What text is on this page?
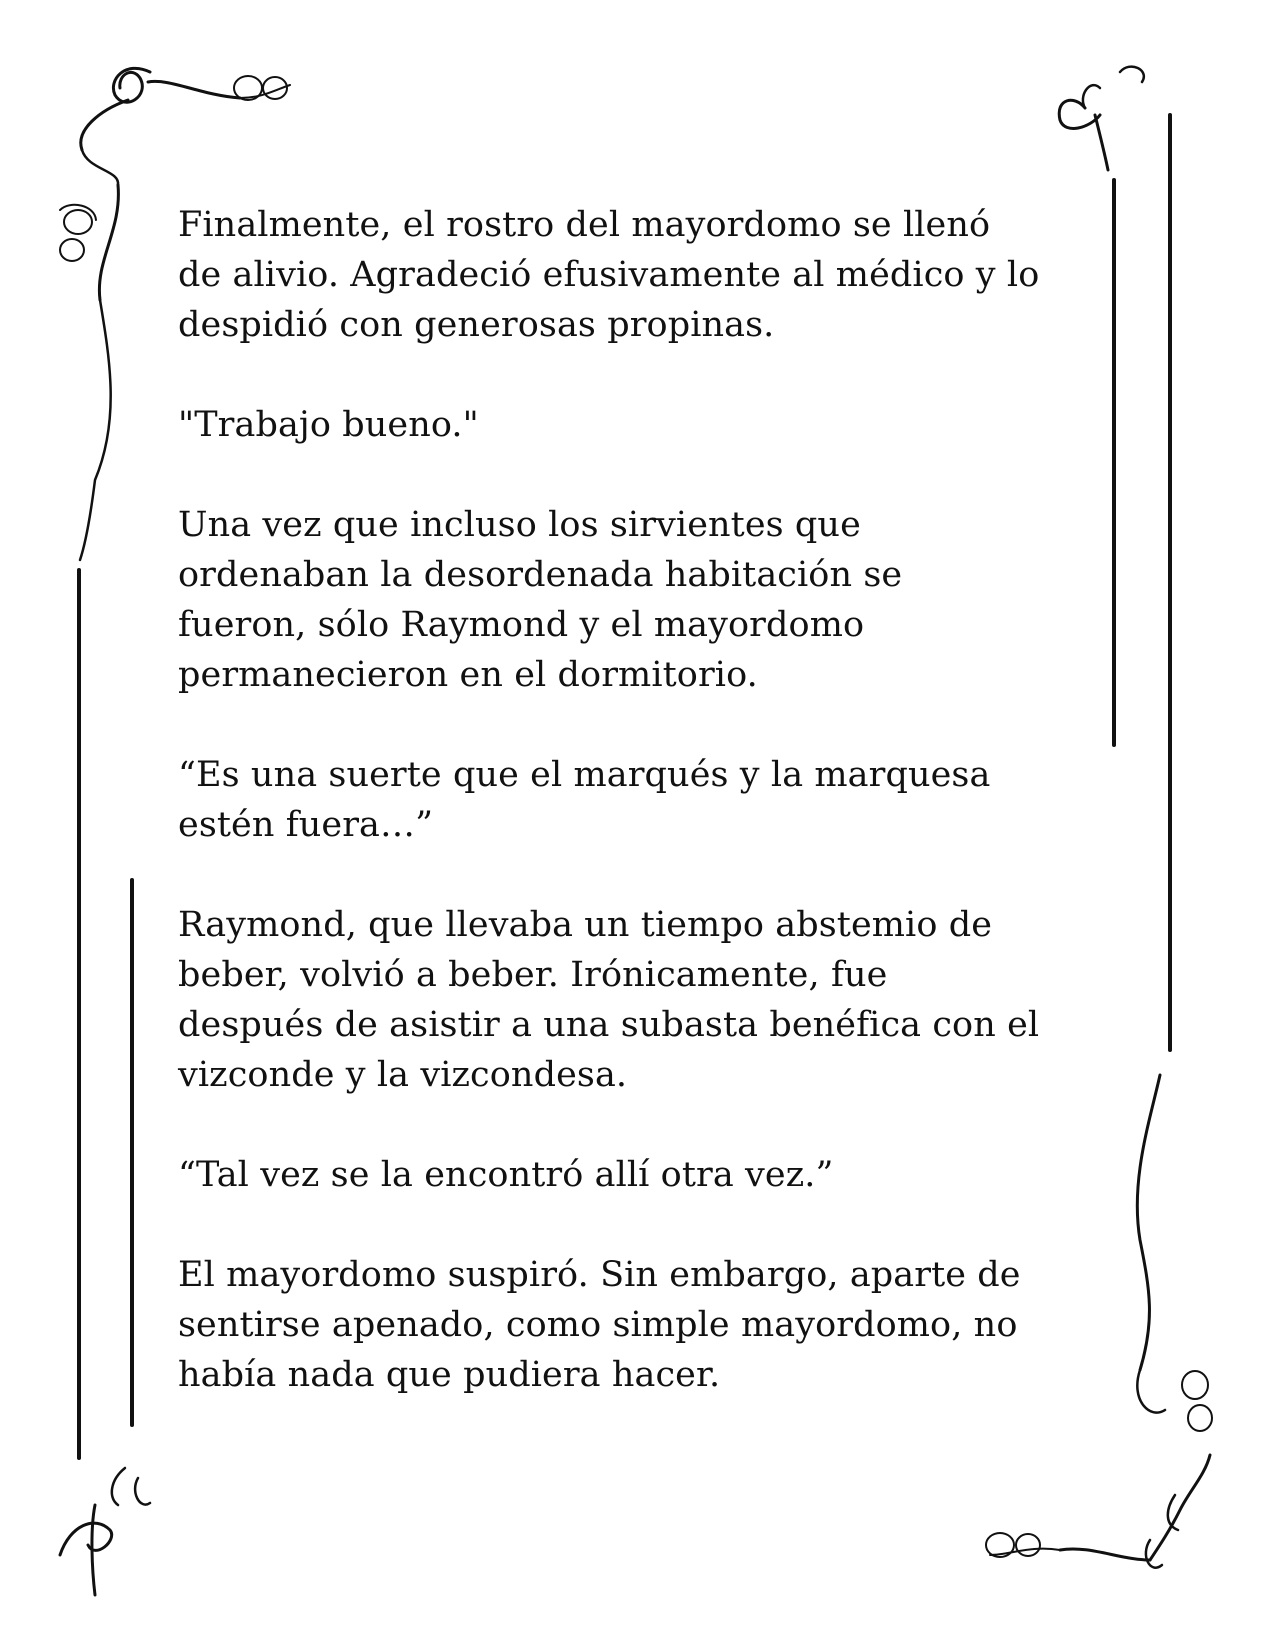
Finalmente, el rostro del mayordomo se llenó
de alivio. Agradeció efusivamente al médico y lo
despidió con generosas propinas.

"Trabajo bueno."

Una vez que incluso los sirvientes que
ordenaban la desordenada habitación se
fueron, sólo Raymond y el mayordomo
permanecieron en el dormitorio.

“Es una suerte que el marqués y la marquesa
estén fuera…”

Raymond, que llevaba un tiempo abstemio de
beber, volvió a beber. Irónicamente, fue
después de asistir a una subasta benéfica con el
vizconde y la vizcondesa.

“Tal vez se la encontró allí otra vez.”

El mayordomo suspiró. Sin embargo, aparte de
sentirse apenado, como simple mayordomo, no
había nada que pudiera hacer.
